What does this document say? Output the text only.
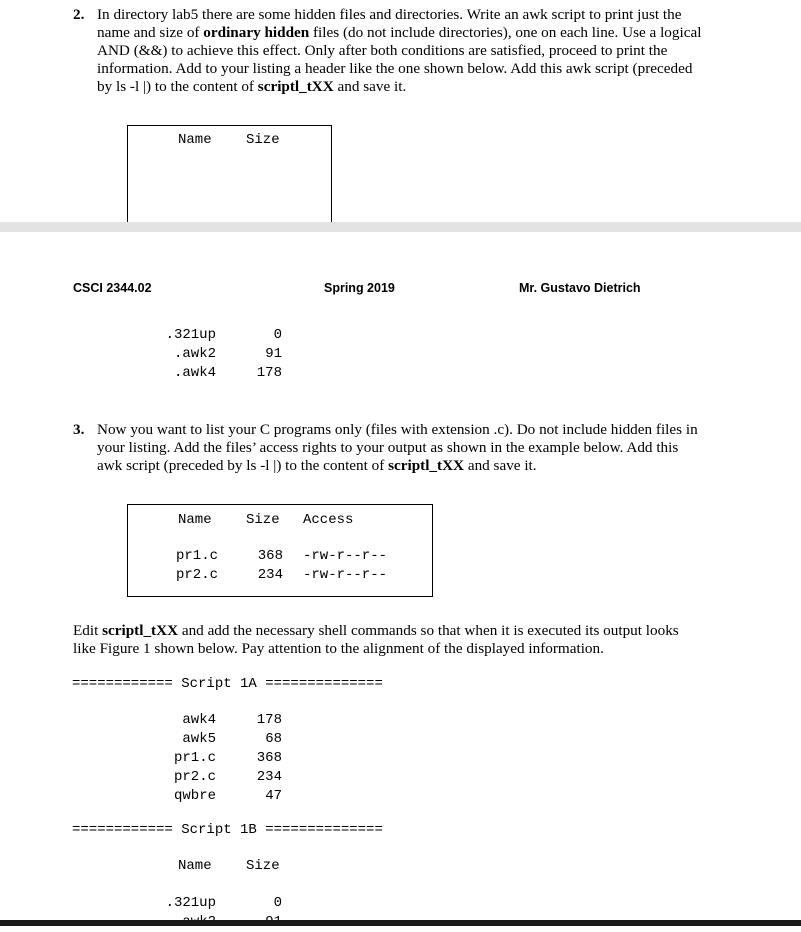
2. In directory lab5 there are some hidden files and directories. Write an awk script to print just the
name and size of ordinary hidden files (do not include directories), one on each line. Use a logical
AND (&&) to achieve this effect. Only after both conditions are satisfied, proceed to print the
information. Add to your listing a header like the one shown below. Add this awk script (preceded
by ls -l |) to the content of scriptl_tXX and save it.
Name Size
CSCI 2344.02	Spring 2019	Mr. Gustavo Dietrich
.321up	0
.awk2	91
.awk4	178
3. Now you want to list your C programs only (files with extension .c). Do not include hidden files in
your listing. Add the files’ access rights to your output as shown in the example below. Add this
awk script (preceded by ls -l |) to the content of scriptl_tXX and save it.
Name Size Access
pr1.c	368 -rw-r--r--
pr2.c	234 -rw-r--r--
Edit scriptl_tXX and add the necessary shell commands so that when it is executed its output looks
like Figure 1 shown below. Pay attention to the alignment of the displayed information.
============ Script 1A ==============
awk4	178
awk5	68
pr1.c	368
pr2.c	234
qwbre	47
============ Script 1B ==============
Name Size
.321up	0
